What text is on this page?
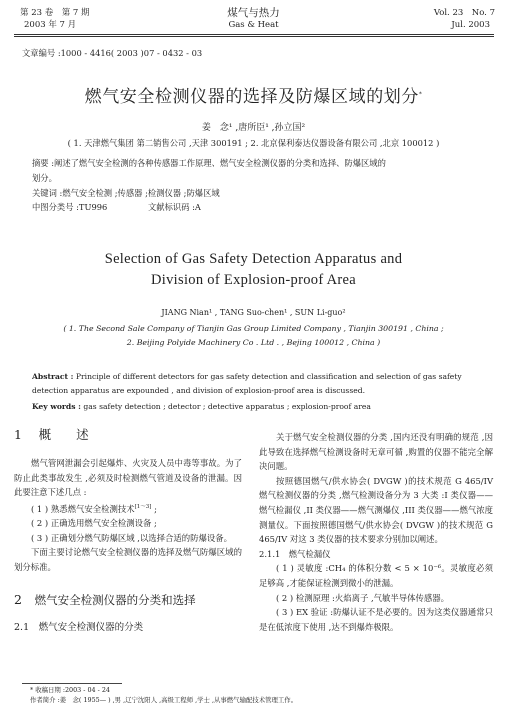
第 23 卷　第 7 期
2003 年 7 月
煤气与热力
Gas & Heat
Vol. 23　No. 7
Jul. 2003
文章编号 :1000 - 4416( 2003 )07 - 0432 - 03
燃气安全检测仪器的选择及防爆区域的划分*
姜　念¹ ,唐所臣¹ ,孙立国²
( 1. 天津燃气集团 第二销售公司 ,天津 300191 ; 2. 北京保利泰达仪器设备有限公司 ,北京 100012 )
摘要 :阐述了燃气安全检测的各种传感器工作原理、燃气安全检测仪器的分类和选择、防爆区域的
划分。
关键词 :燃气安全检测 ;传感器 ;检测仪器 ;防爆区域
中图分类号 :TU996	文献标识码 :A
Selection of Gas Safety Detection Apparatus and
Division of Explosion-proof Area
JIANG Nian¹ , TANG Suo-chen¹ , SUN Li-guo²
( 1. The Second Sale Company of Tianjin Gas Group Limited Company , Tianjin 300191 , China ;
2. Beijing Polyide Machinery Co . Ltd . , Bejing 100012 , China )
Abstract : Principle of different detectors for gas safety detection and classification and selection of gas safety
detection apparatus are expounded , and division of explosion-proof area is discussed.
Key words : gas safety detection ; detector ; detective apparatus ; explosion-proof area
1 概　　述

燃气管网泄漏会引起爆炸、火灾及人员中毒等事故。为了防止此类事故发生 ,必须及时检测燃气管道及设备的泄漏。因此要注意下述几点 :

( 1 ) 熟悉燃气安全检测技术[1～3] ;

( 2 ) 正确选用燃气安全检测设备 ;

( 3 ) 正确划分燃气防爆区域 ,以选择合适的防爆设备。

下面主要讨论燃气安全检测仪器的选择及燃气防爆区域的划分标准。

2 燃气安全检测仪器的分类和选择

2.1　燃气安全检测仪器的分类

关于燃气安全检测仪器的分类 ,国内还没有明确的规范 ,因此导致在选择燃气检测设备时无章可循 ,购置的仪器不能完全解决问题。

按照德国燃气/供水协会( DVGW )的技术规范 G 465/IV 燃气检测仪器的分类 ,燃气检测设备分为 3 大类 :I 类仪器——燃气检漏仪 ,II 类仪器——燃气测爆仪 ,III 类仪器——燃气浓度测量仪。下面按照德国燃气/供水协会( DVGW )的技术规范 G 465/IV 对这 3 类仪器的技术要求分别加以阐述。

2.1.1　燃气检漏仪

( 1 ) 灵敏度 :CH₄ 的体积分数 < 5 × 10⁻⁶。灵敏度必须足够高 ,才能保证检测到微小的泄漏。

( 2 ) 检测原理 :火焰离子 ,气敏半导体传感器。

( 3 ) EX 验证 :防爆认证不是必要的。因为这类仪器通常只是在低浓度下使用 ,达不到爆炸极限。

* 收稿日期 :2003 - 04 - 24
作者简介 :姜　念( 1955— ) ,男 ,辽宁沈阳人 ,高级工程师 ,学士 ,从事燃气输配技术管理工作。
